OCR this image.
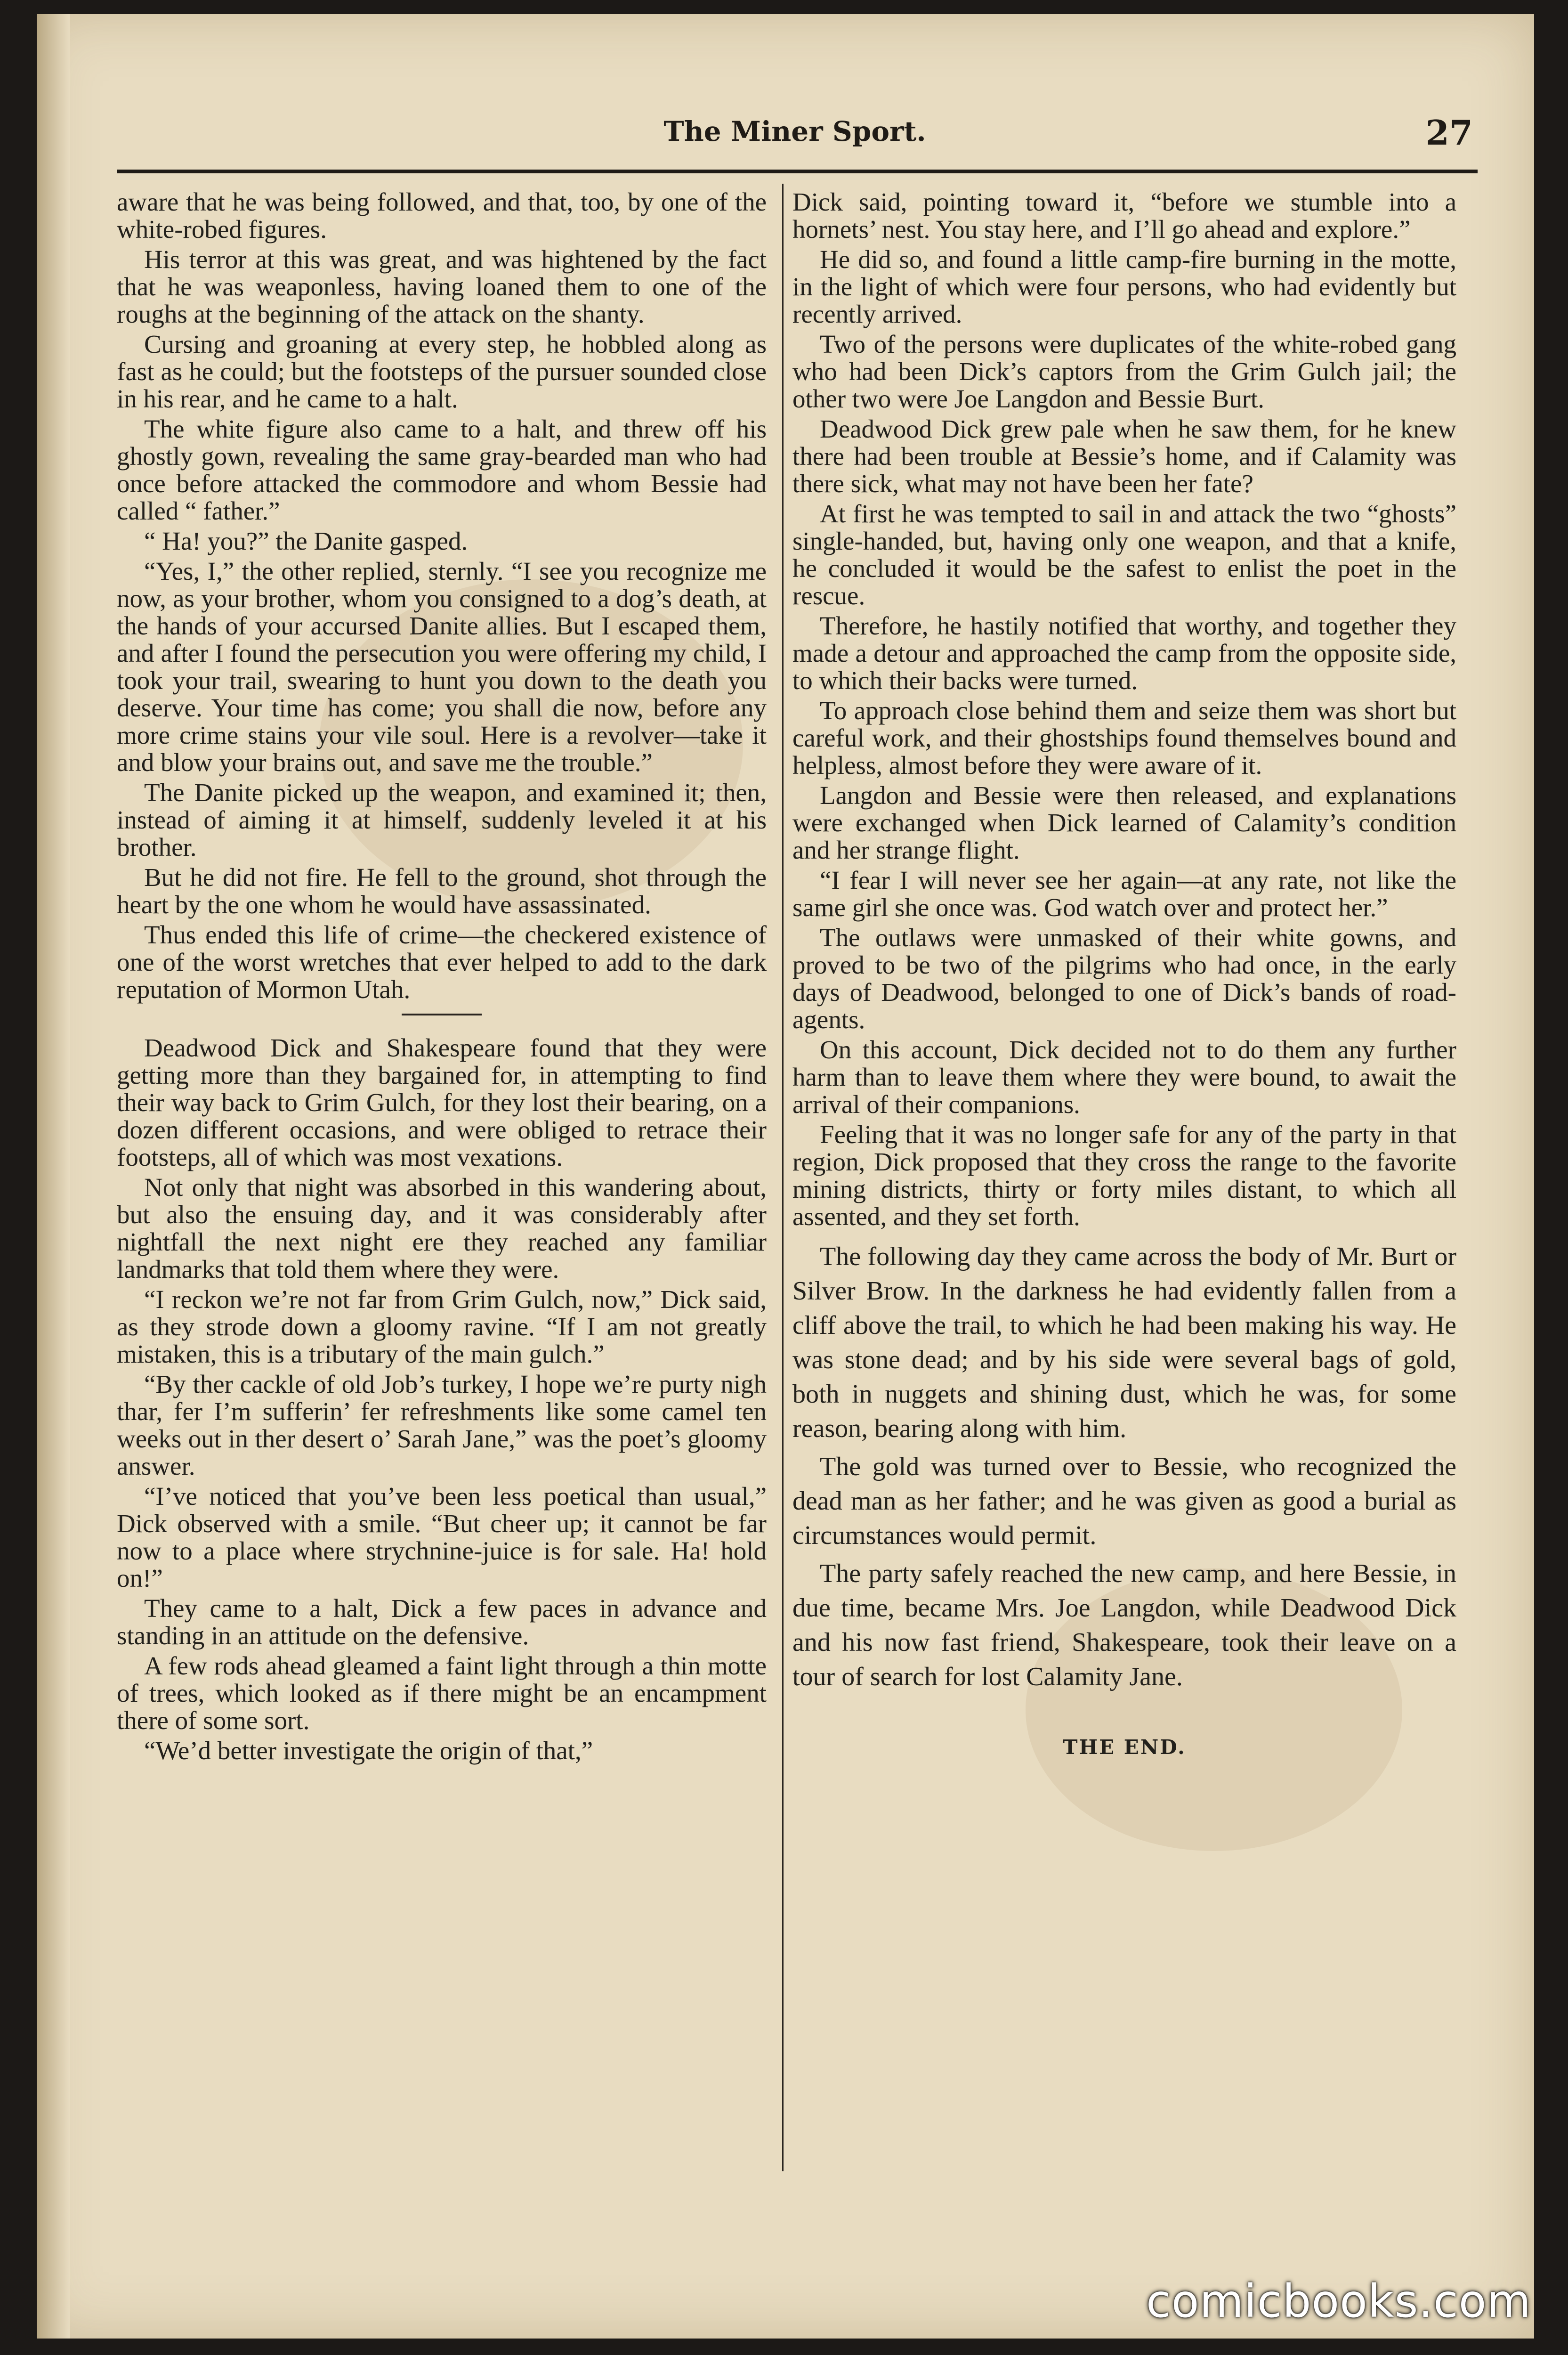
The Miner Sport.	27

aware that he was being followed, and that, too, by one of the white-robed figures.

His terror at this was great, and was hightened by the fact that he was weaponless, having loaned them to one of the roughs at the beginning of the attack on the shanty.

Cursing and groaning at every step, he hobbled along as fast as he could; but the footsteps of the pursuer sounded close in his rear, and he came to a halt.

The white figure also came to a halt, and threw off his ghostly gown, revealing the same gray-bearded man who had once before attacked the commodore and whom Bessie had called “ father.”

“ Ha! you?” the Danite gasped.

“Yes, I,” the other replied, sternly. “I see you recognize me now, as your brother, whom you consigned to a dog’s death, at the hands of your accursed Danite allies. But I escaped them, and after I found the persecution you were offering my child, I took your trail, swearing to hunt you down to the death you deserve. Your time has come; you shall die now, before any more crime stains your vile soul. Here is a revolver—take it and blow your brains out, and save me the trouble.”

The Danite picked up the weapon, and examined it; then, instead of aiming it at himself, suddenly leveled it at his brother.

But he did not fire. He fell to the ground, shot through the heart by the one whom he would have assassinated.

Thus ended this life of crime—the checkered existence of one of the worst wretches that ever helped to add to the dark reputation of Mormon Utah.

Deadwood Dick and Shakespeare found that they were getting more than they bargained for, in attempting to find their way back to Grim Gulch, for they lost their bearing, on a dozen different occasions, and were obliged to retrace their footsteps, all of which was most vexations.

Not only that night was absorbed in this wandering about, but also the ensuing day, and it was considerably after nightfall the next night ere they reached any familiar landmarks that told them where they were.

“I reckon we’re not far from Grim Gulch, now,” Dick said, as they strode down a gloomy ravine. “If I am not greatly mistaken, this is a tributary of the main gulch.”

“By ther cackle of old Job’s turkey, I hope we’re purty nigh thar, fer I’m sufferin’ fer refreshments like some camel ten weeks out in ther desert o’ Sarah Jane,” was the poet’s gloomy answer.

“I’ve noticed that you’ve been less poetical than usual,” Dick observed with a smile. “But cheer up; it cannot be far now to a place where strychnine-juice is for sale. Ha! hold on!”

They came to a halt, Dick a few paces in advance and standing in an attitude on the defensive.

A few rods ahead gleamed a faint light through a thin motte of trees, which looked as if there might be an encampment there of some sort.

“We’d better investigate the origin of that,”

Dick said, pointing toward it, “before we stumble into a hornets’ nest. You stay here, and I’ll go ahead and explore.”

He did so, and found a little camp-fire burning in the motte, in the light of which were four persons, who had evidently but recently arrived.

Two of the persons were duplicates of the white-robed gang who had been Dick’s captors from the Grim Gulch jail; the other two were Joe Langdon and Bessie Burt.

Deadwood Dick grew pale when he saw them, for he knew there had been trouble at Bessie’s home, and if Calamity was there sick, what may not have been her fate?

At first he was tempted to sail in and attack the two “ghosts” single-handed, but, having only one weapon, and that a knife, he concluded it would be the safest to enlist the poet in the rescue.

Therefore, he hastily notified that worthy, and together they made a detour and approached the camp from the opposite side, to which their backs were turned.

To approach close behind them and seize them was short but careful work, and their ghostships found themselves bound and helpless, almost before they were aware of it.

Langdon and Bessie were then released, and explanations were exchanged when Dick learned of Calamity’s condition and her strange flight.

“I fear I will never see her again—at any rate, not like the same girl she once was. God watch over and protect her.”

The outlaws were unmasked of their white gowns, and proved to be two of the pilgrims who had once, in the early days of Deadwood, belonged to one of Dick’s bands of road-agents.

On this account, Dick decided not to do them any further harm than to leave them where they were bound, to await the arrival of their companions.

Feeling that it was no longer safe for any of the party in that region, Dick proposed that they cross the range to the favorite mining districts, thirty or forty miles distant, to which all assented, and they set forth.

The following day they came across the body of Mr. Burt or Silver Brow. In the darkness he had evidently fallen from a cliff above the trail, to which he had been making his way. He was stone dead; and by his side were several bags of gold, both in nuggets and shining dust, which he was, for some reason, bearing along with him.

The gold was turned over to Bessie, who recognized the dead man as her father; and he was given as good a burial as circumstances would permit.

The party safely reached the new camp, and here Bessie, in due time, became Mrs. Joe Langdon, while Deadwood Dick and his now fast friend, Shakespeare, took their leave on a tour of search for lost Calamity Jane.

THE END.
comicbooks.com
